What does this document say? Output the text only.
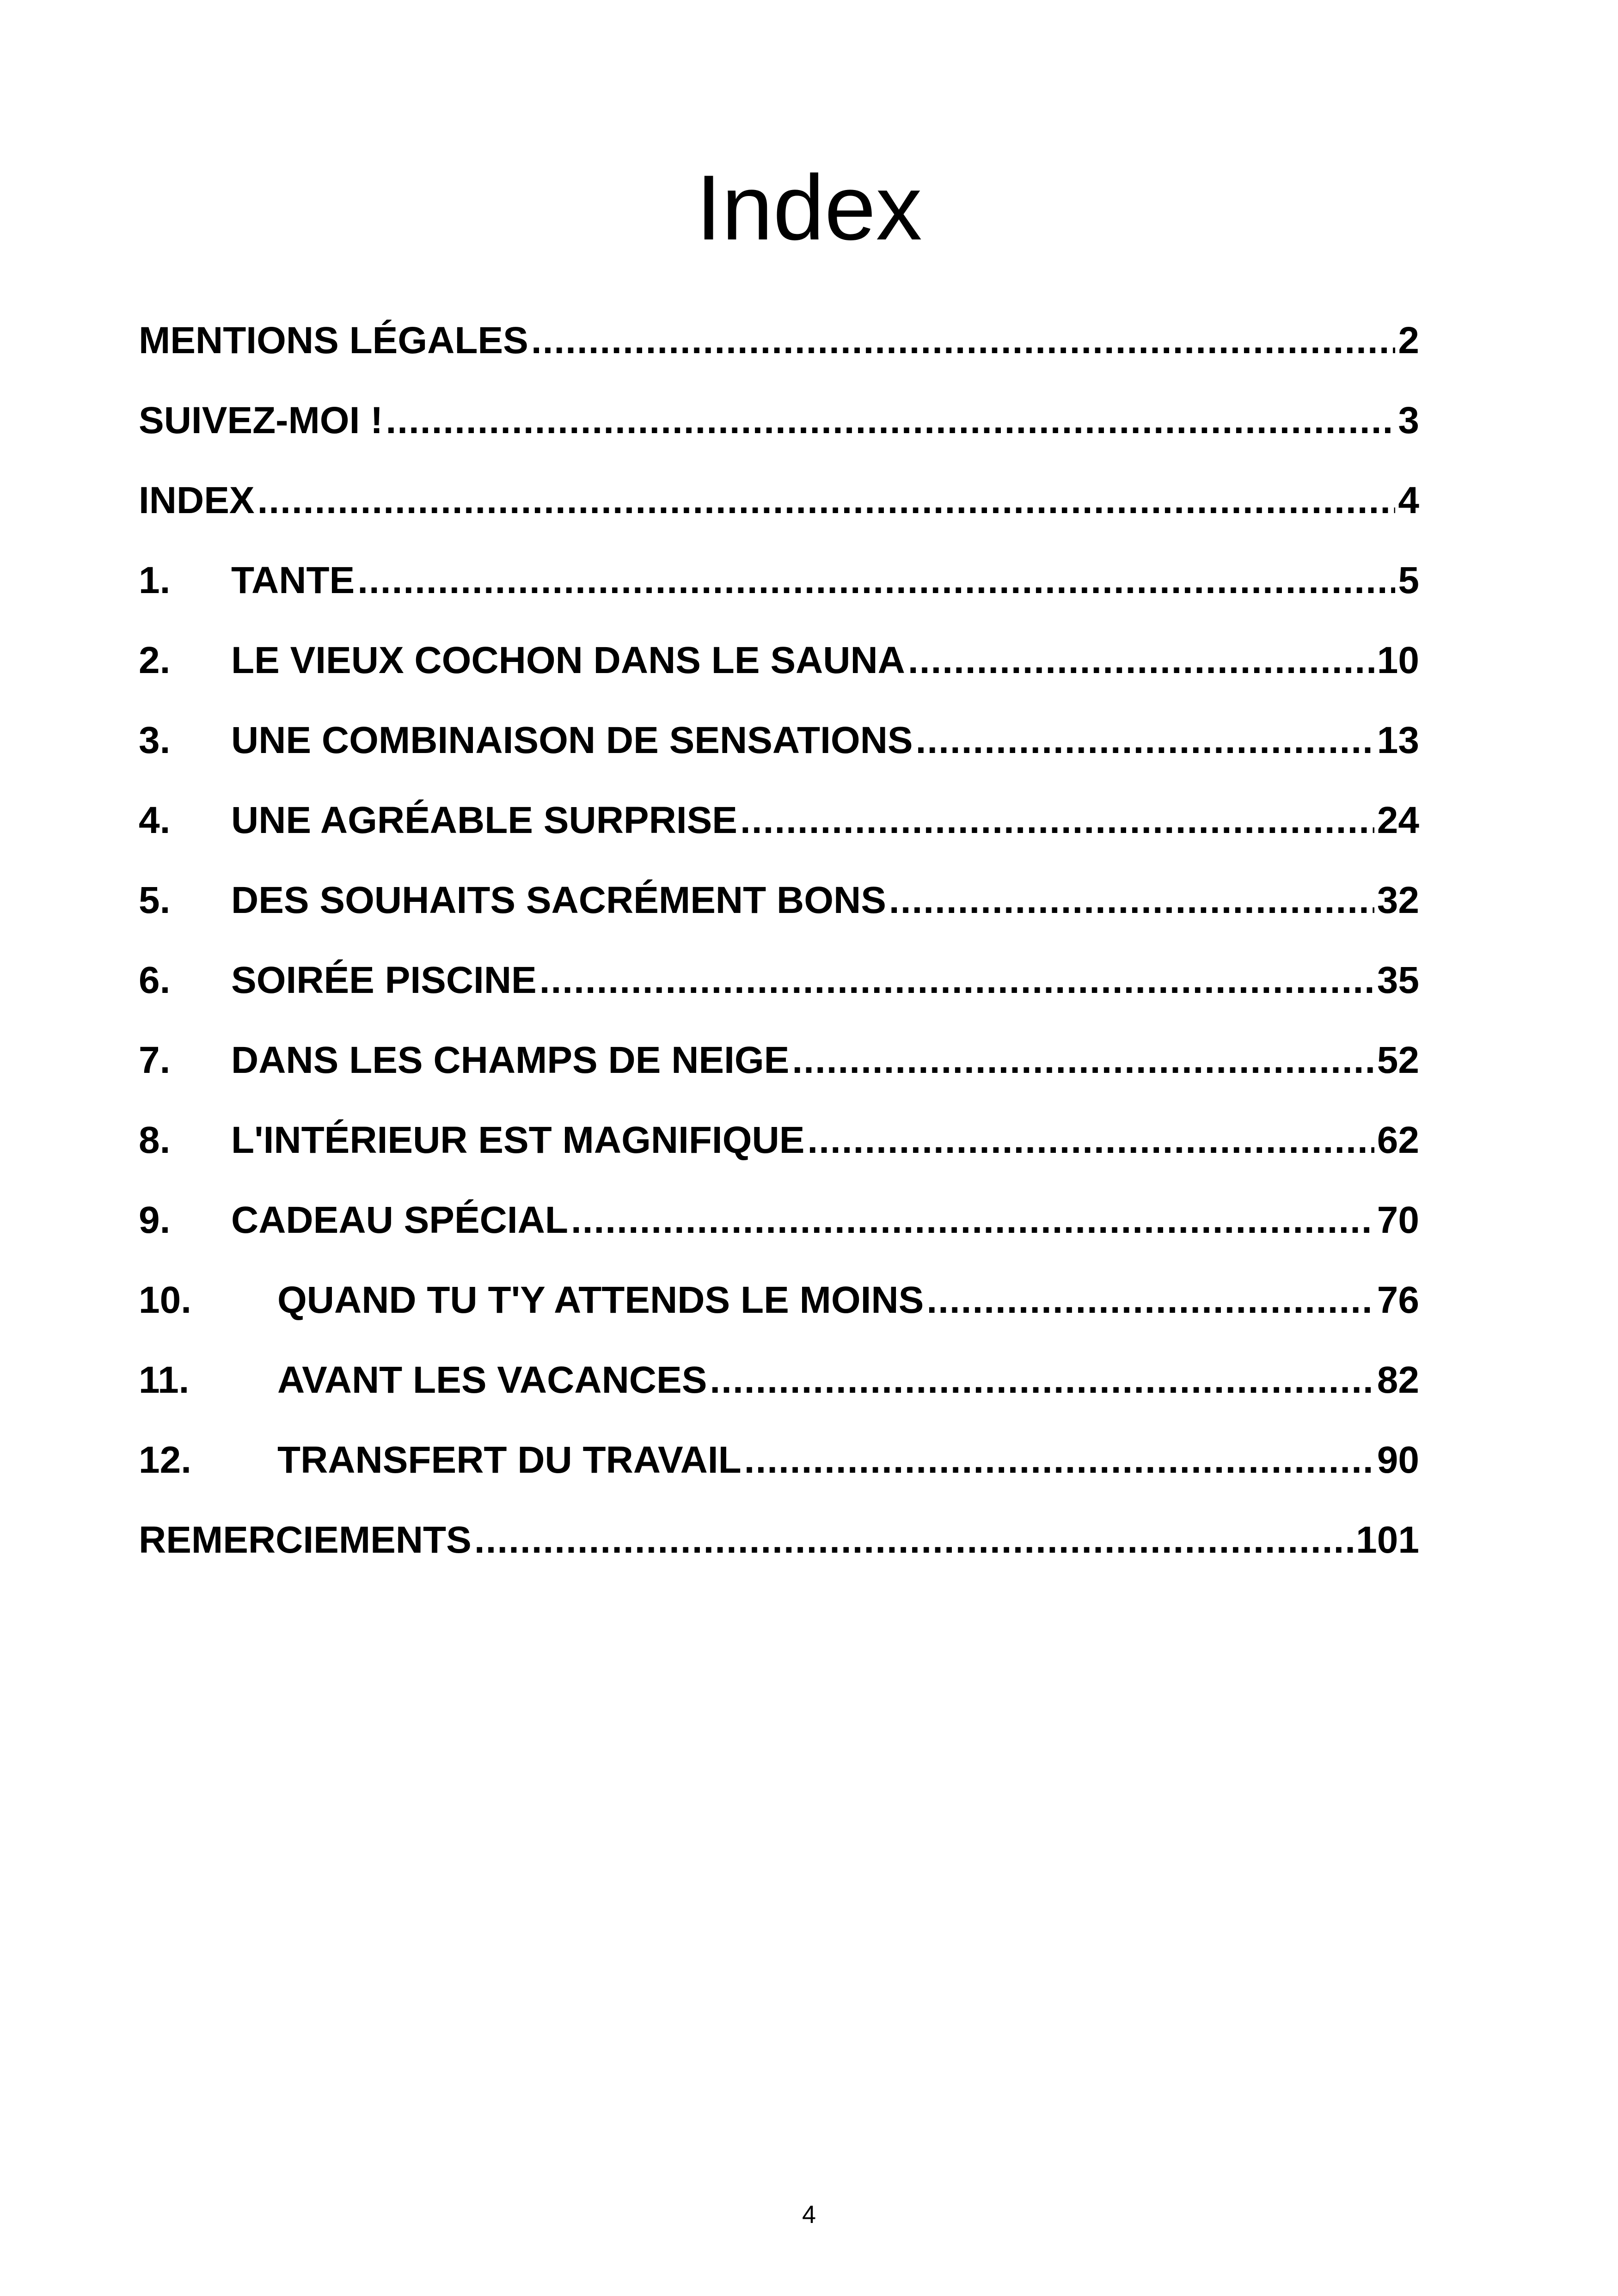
Index
MENTIONS LÉGALES .....	2
SUIVEZ-MOI ! .....	3
INDEX .....	4
1.	TANTE .....	5
2.	LE VIEUX COCHON DANS LE SAUNA .....	10
3.	UNE COMBINAISON DE SENSATIONS .....	13
4.	UNE AGRÉABLE SURPRISE .....	24
5.	DES SOUHAITS SACRÉMENT BONS .....	32
6.	SOIRÉE PISCINE .....	35
7.	DANS LES CHAMPS DE NEIGE .....	52
8.	L'INTÉRIEUR EST MAGNIFIQUE .....	62
9.	CADEAU SPÉCIAL .....	70
10.	QUAND TU T'Y ATTENDS LE MOINS .....	76
11.	AVANT LES VACANCES .....	82
12.	TRANSFERT DU TRAVAIL .....	90
REMERCIEMENTS .....	101
4
